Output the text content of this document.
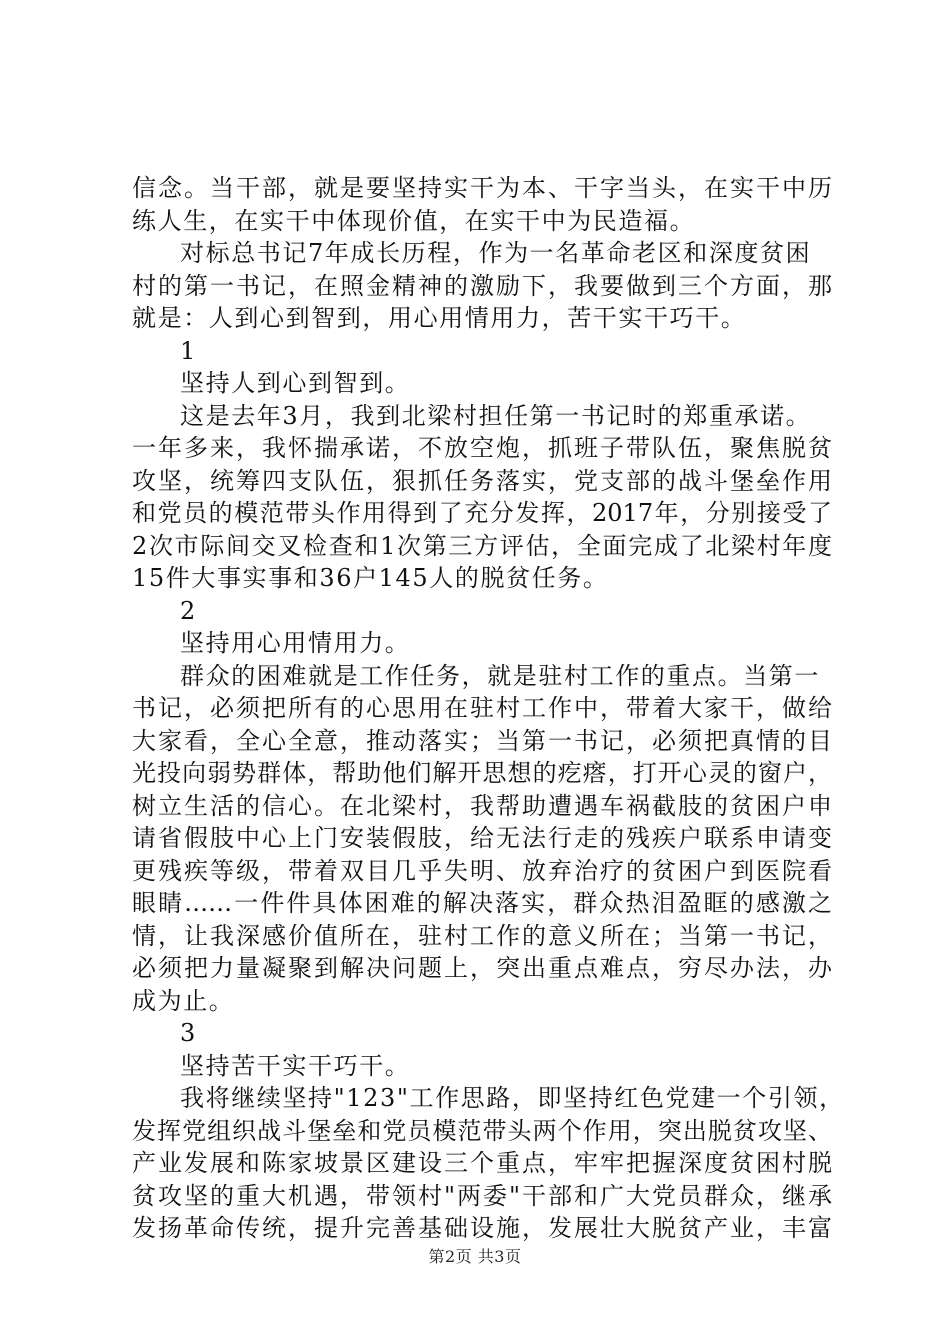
信念。当干部，就是要坚持实干为本、干字当头，在实干中历
练人生，在实干中体现价值，在实干中为民造福。
对标总书记7年成长历程，作为一名革命老区和深度贫困
村的第一书记，在照金精神的激励下，我要做到三个方面，那
就是：人到心到智到，用心用情用力，苦干实干巧干。
1
坚持人到心到智到。
这是去年3月，我到北梁村担任第一书记时的郑重承诺。
一年多来，我怀揣承诺，不放空炮，抓班子带队伍，聚焦脱贫
攻坚，统筹四支队伍，狠抓任务落实，党支部的战斗堡垒作用
和党员的模范带头作用得到了充分发挥，2017年，分别接受了
2次市际间交叉检查和1次第三方评估，全面完成了北梁村年度
15件大事实事和36户145人的脱贫任务。
2
坚持用心用情用力。
群众的困难就是工作任务，就是驻村工作的重点。当第一
书记，必须把所有的心思用在驻村工作中，带着大家干，做给
大家看，全心全意，推动落实；当第一书记，必须把真情的目
光投向弱势群体，帮助他们解开思想的疙瘩，打开心灵的窗户，
树立生活的信心。在北梁村，我帮助遭遇车祸截肢的贫困户申
请省假肢中心上门安装假肢，给无法行走的残疾户联系申请变
更残疾等级，带着双目几乎失明、放弃治疗的贫困户到医院看
眼睛……一件件具体困难的解决落实，群众热泪盈眶的感激之
情，让我深感价值所在，驻村工作的意义所在；当第一书记，
必须把力量凝聚到解决问题上，突出重点难点，穷尽办法，办
成为止。
3
坚持苦干实干巧干。
我将继续坚持"123"工作思路，即坚持红色党建一个引领，
发挥党组织战斗堡垒和党员模范带头两个作用，突出脱贫攻坚、
产业发展和陈家坡景区建设三个重点，牢牢把握深度贫困村脱
贫攻坚的重大机遇，带领村"两委"干部和广大党员群众，继承
发扬革命传统，提升完善基础设施，发展壮大脱贫产业，丰富
第2页 共3页
